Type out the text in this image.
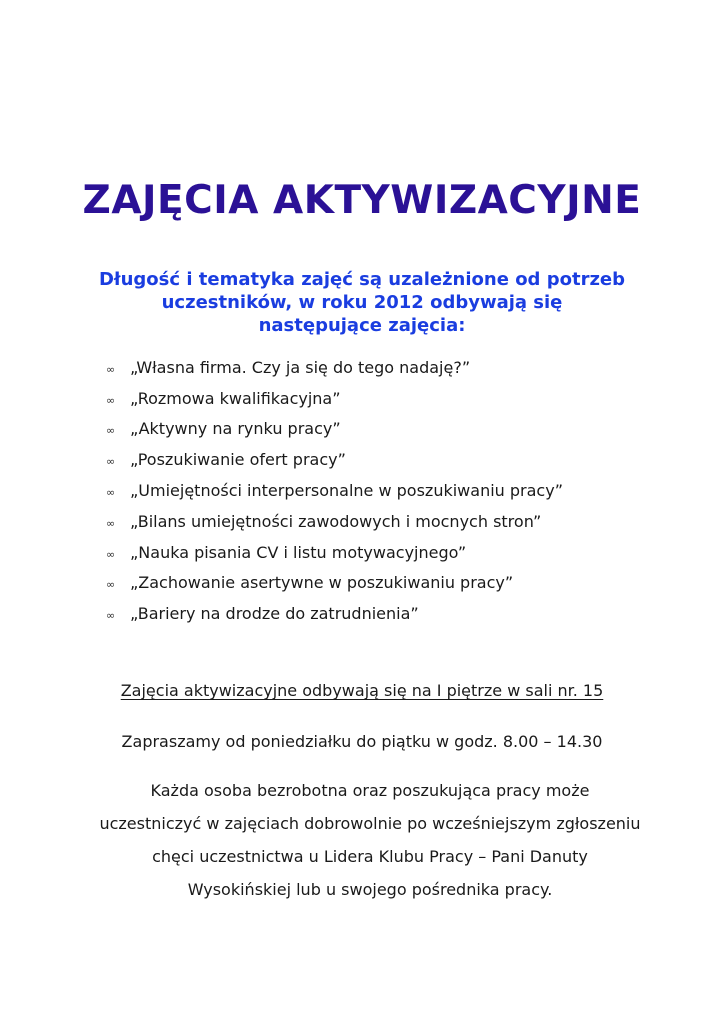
ZAJĘCIA AKTYWIZACYJNE

Długość i tematyka zajęć są uzależnione od potrzeb
uczestników, w roku 2012 odbywają się
następujące zajęcia:

∞ „Własna firma. Czy ja się do tego nadaję?”
∞ „Rozmowa kwalifikacyjna”
∞ „Aktywny na rynku pracy”
∞ „Poszukiwanie ofert pracy”
∞ „Umiejętności interpersonalne w poszukiwaniu pracy”
∞ „Bilans umiejętności zawodowych i mocnych stron”
∞ „Nauka pisania CV i listu motywacyjnego”
∞ „Zachowanie asertywne w poszukiwaniu pracy”
∞ „Bariery na drodze do zatrudnienia”

Zajęcia aktywizacyjne odbywają się na I piętrze w sali nr. 15

Zapraszamy od poniedziałku do piątku w godz. 8.00 – 14.30

Każda osoba bezrobotna oraz poszukująca pracy może
uczestniczyć w zajęciach dobrowolnie po wcześniejszym zgłoszeniu
chęci uczestnictwa u Lidera Klubu Pracy – Pani Danuty
Wysokińskiej lub u swojego pośrednika pracy.
